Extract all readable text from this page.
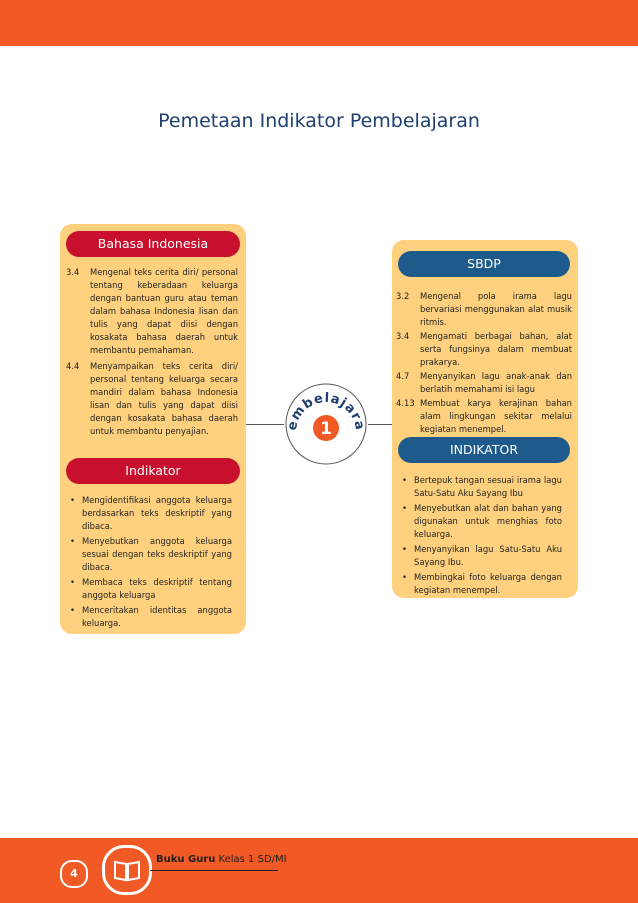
Pemetaan Indikator Pembelajaran
Bahasa Indonesia
3.4	Mengenal teks cerita diri/ personal tentang keberadaan keluarga dengan bantuan guru atau teman dalam bahasa Indonesia lisan dan tulis yang dapat diisi dengan kosakata bahasa daerah untuk membantu pemahaman.
4.4	Menyampaikan teks cerita diri/ personal tentang keluarga secara mandiri dalam bahasa Indonesia lisan dan tulis yang dapat diisi dengan kosakata bahasa daerah untuk membantu penyajian.
Indikator
• Mengidentifikasi anggota keluarga berdasarkan teks deskriptif yang dibaca.
• Menyebutkan anggota keluarga sesuai dengan teks deskriptif yang dibaca.
• Membaca teks deskriptif tentang anggota keluarga
• Menceritakan identitas anggota keluarga.
embelajara
1
SBDP
3.2	Mengenal pola irama lagu bervariasi menggunakan alat musik ritmis.
3.4	Mengamati berbagai bahan, alat serta fungsinya dalam membuat prakarya.
4.7	Menyanyikan lagu anak-anak dan berlatih memahami isi lagu
4.13 Membuat karya kerajinan bahan alam lingkungan sekitar melalui kegiatan menempel.
INDIKATOR
• Bertepuk tangan sesuai irama lagu Satu-Satu Aku Sayang Ibu
• Menyebutkan alat dan bahan yang digunakan untuk menghias foto keluarga.
• Menyanyikan lagu Satu-Satu Aku Sayang Ibu.
• Membingkai foto keluarga dengan kegiatan menempel.
4
Buku Guru Kelas 1 SD/MI
